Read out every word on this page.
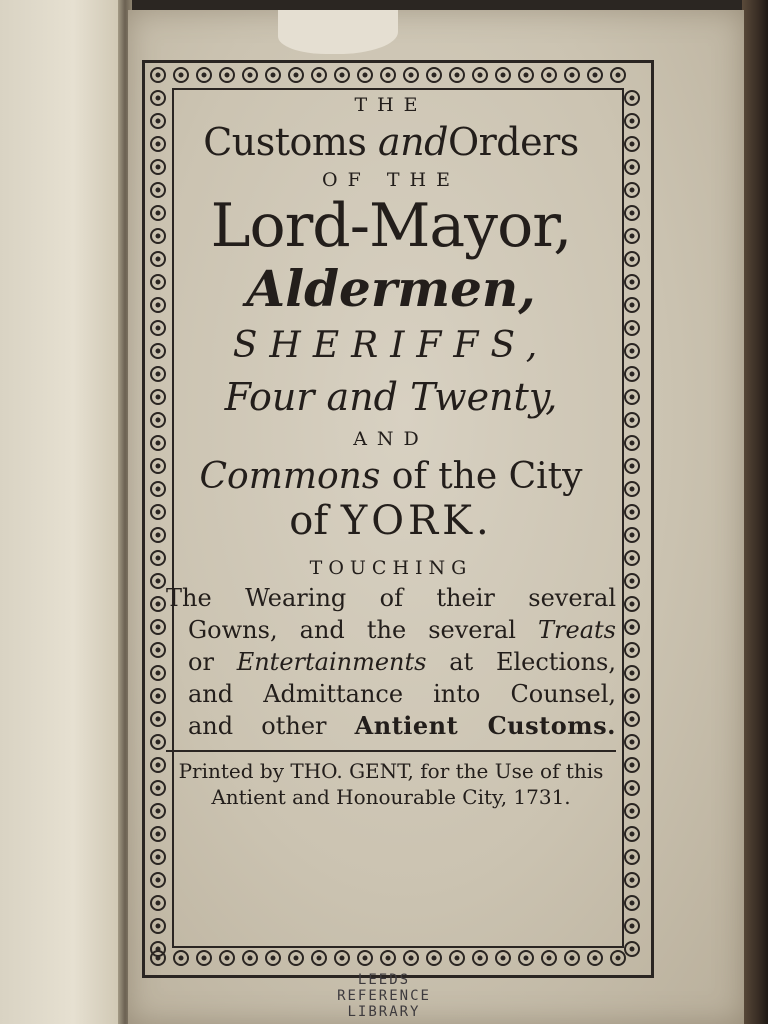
THE

Customs andOrders

OF THE

Lord-Mayor,

Aldermen,

SHERIFFS,

Four and Twenty,

AND

Commons of the City

of YORK.

TOUCHING

The Wearing of their several
Gowns, and the several Treats
or Entertainments at Elections,
and Admittance into Counsel,
and other Antient Customs.

Printed by THO. GENT, for the Use of this

Antient and Honourable City, 1731.

LEEDS
REFERENCE
LIBRARY
